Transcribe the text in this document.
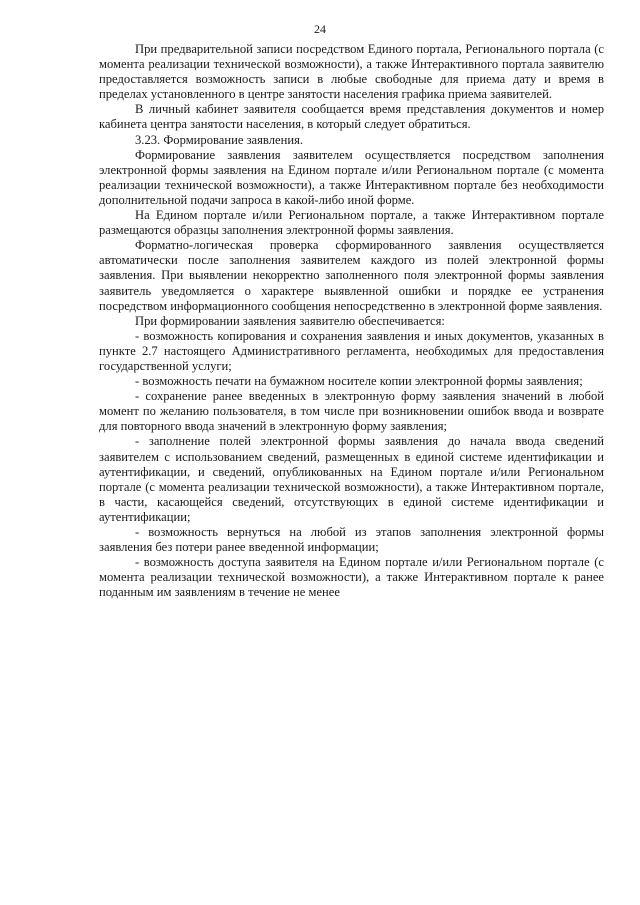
24

При предварительной записи посредством Единого портала, Регионального портала (с момента реализации технической возможности), а также Интерактивного портала заявителю предоставляется возможность записи в любые свободные для приема дату и время в пределах установленного в центре занятости населения графика приема заявителей.

В личный кабинет заявителя сообщается время представления документов и номер кабинета центра занятости населения, в который следует обратиться.

3.23. Формирование заявления.

Формирование заявления заявителем осуществляется посредством заполнения электронной формы заявления на Едином портале и/или Региональном портале (с момента реализации технической возможности), а также Интерактивном портале без необходимости дополнительной подачи запроса в какой-либо иной форме.

На Едином портале и/или Региональном портале, а также Интерактивном портале размещаются образцы заполнения электронной формы заявления.

Форматно-логическая проверка сформированного заявления осуществляется автоматически после заполнения заявителем каждого из полей электронной формы заявления. При выявлении некорректно заполненного поля электронной формы заявления заявитель уведомляется о характере выявленной ошибки и порядке ее устранения посредством информационного сообщения непосредственно в электронной форме заявления.

При формировании заявления заявителю обеспечивается:

- возможность копирования и сохранения заявления и иных документов, указанных в пункте 2.7 настоящего Административного регламента, необходимых для предоставления государственной услуги;

- возможность печати на бумажном носителе копии электронной формы заявления;

- сохранение ранее введенных в электронную форму заявления значений в любой момент по желанию пользователя, в том числе при возникновении ошибок ввода и возврате для повторного ввода значений в электронную форму заявления;

- заполнение полей электронной формы заявления до начала ввода сведений заявителем с использованием сведений, размещенных в единой системе идентификации и аутентификации, и сведений, опубликованных на Едином портале и/или Региональном портале (с момента реализации технической возможности), а также Интерактивном портале, в части, касающейся сведений, отсутствующих в единой системе идентификации и аутентификации;

- возможность вернуться на любой из этапов заполнения электронной формы заявления без потери ранее введенной информации;

- возможность доступа заявителя на Едином портале и/или Региональном портале (с момента реализации технической возможности), а также Интерактивном портале к ранее поданным им заявлениям в течение не менее
